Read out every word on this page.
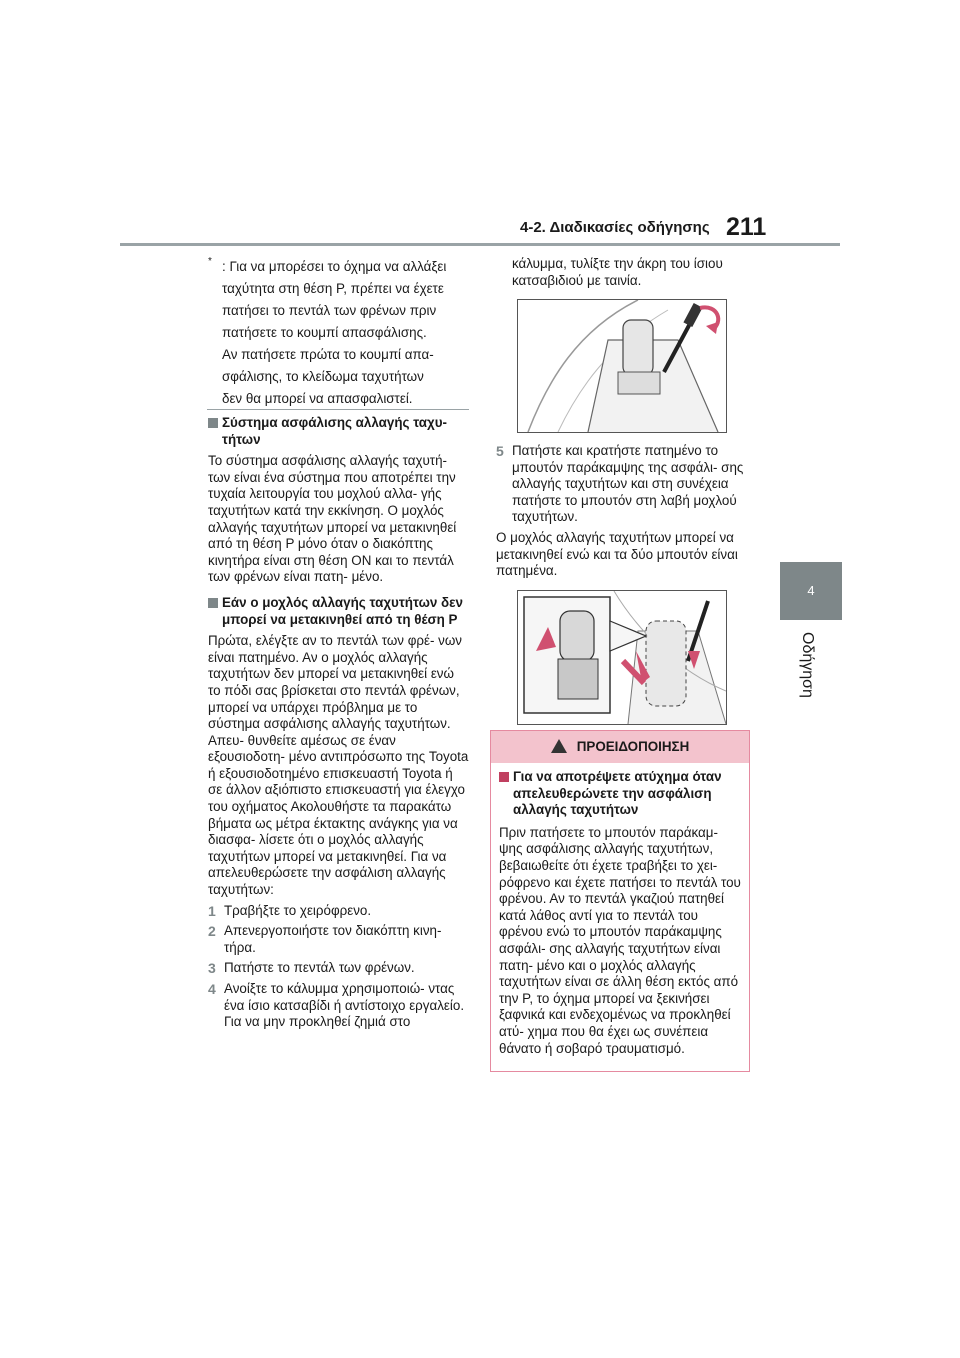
4-2. Διαδικασίες οδήγησης 211
4
Οδήγηση
* : Για να μπορέσει το όχημα να αλλάξει
ταχύτητα στη θέση P, πρέπει να έχετε
πατήσει το πεντάλ των φρένων πριν
πατήσετε το κουμπί απασφάλισης.
Αν πατήσετε πρώτα το κουμπί απα-
σφάλισης, το κλείδωμα ταχυτήτων
δεν θα μπορεί να απασφαλιστεί.
Σύστημα ασφάλισης αλλαγής ταχυ- τήτων
Το σύστημα ασφάλισης αλλαγής ταχυτή- των είναι ένα σύστημα που αποτρέπει την τυχαία λειτουργία του μοχλού αλλα- γής ταχυτήτων κατά την εκκίνηση. Ο μοχλός αλλαγής ταχυτήτων μπορεί να μετακινηθεί από τη θέση P μόνο όταν ο διακόπτης κινητήρα είναι στη θέση ON και το πεντάλ των φρένων είναι πατη- μένο.
Εάν ο μοχλός αλλαγής ταχυτήτων δεν μπορεί να μετακινηθεί από τη θέση P
Πρώτα, ελέγξτε αν το πεντάλ των φρέ- νων είναι πατημένο. Αν ο μοχλός αλλαγής ταχυτήτων δεν μπορεί να μετακινηθεί ενώ το πόδι σας βρίσκεται στο πεντάλ φρένων, μπορεί να υπάρχει πρόβλημα με το σύστημα ασφάλισης αλλαγής ταχυτήτων. Απευ- θυνθείτε αμέσως σε έναν εξουσιοδοτη- μένο αντιπρόσωπο της Toyota ή εξουσιοδοτημένο επισκευαστή Toyota ή σε άλλον αξιόπιστο επισκευαστή για έλεγχο του οχήματος Ακολουθήστε τα παρακάτω βήματα ως μέτρα έκτακτης ανάγκης για να διασφα- λίσετε ότι ο μοχλός αλλαγής ταχυτήτων μπορεί να μετακινηθεί. Για να απελευθερώσετε την ασφάλιση αλλαγής ταχυτήτων:
1 Τραβήξτε το χειρόφρενο.
2 Απενεργοποιήστε τον διακόπτη κινη- τήρα.
3 Πατήστε το πεντάλ των φρένων.
4 Ανοίξτε το κάλυμμα χρησιμοποιώ- ντας ένα ίσιο κατσαβίδι ή αντίστοιχο εργαλείο. Για να μην προκληθεί ζημιά στο
κάλυμμα, τυλίξτε την άκρη του ίσιου κατσαβιδιού με ταινία.
5 Πατήστε και κρατήστε πατημένο το μπουτόν παράκαμψης της ασφάλι- σης αλλαγής ταχυτήτων και στη συνέχεια πατήστε το μπουτόν στη λαβή μοχλού ταχυτήτων.
Ο μοχλός αλλαγής ταχυτήτων μπορεί να μετακινηθεί ενώ και τα δύο μπουτόν είναι πατημένα.
ΠΡΟΕΙΔΟΠΟΙΗΣΗ
Για να αποτρέψετε ατύχημα όταν απελευθερώνετε την ασφάλιση αλλαγής ταχυτήτων
Πριν πατήσετε το μπουτόν παράκαμ- ψης ασφάλισης αλλαγής ταχυτήτων, βεβαιωθείτε ότι έχετε τραβήξει το χει- ρόφρενο και έχετε πατήσει το πεντάλ του φρένου. Αν το πεντάλ γκαζιού πατηθεί κατά λάθος αντί για το πεντάλ του φρένου ενώ το μπουτόν παράκαμψης ασφάλι- σης αλλαγής ταχυτήτων είναι πατη- μένο και ο μοχλός αλλαγής ταχυτήτων είναι σε άλλη θέση εκτός από την P, το όχημα μπορεί να ξεκινήσει ξαφνικά και ενδεχομένως να προκληθεί ατύ- χημα που θα έχει ως συνέπεια θάνατο ή σοβαρό τραυματισμό.
